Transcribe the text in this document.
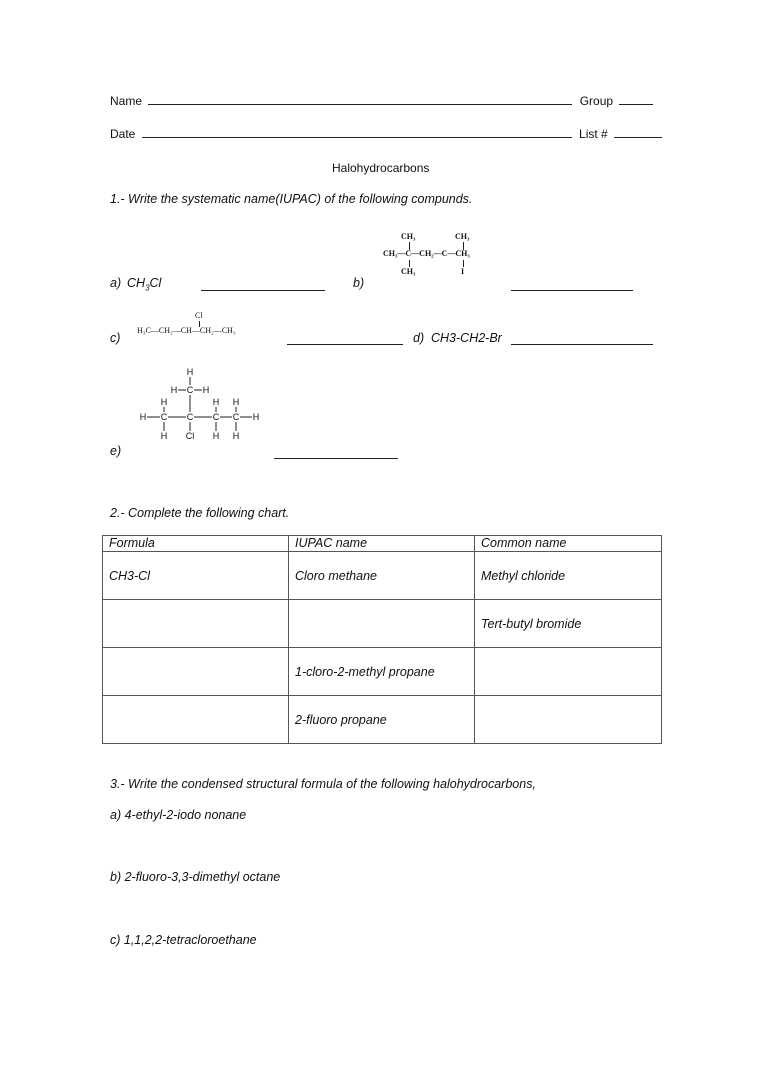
Name	Group
Date	List #
Halohydrocarbons
1.- Write the systematic name(IUPAC) of the following compunds.
a) $CH_3Cl$	b)
CH₃	CH₃
CH₃—C—CH₂—C—CH₃
CH₃	I
c)
Cl
H₃C—CH₂—CH—CH₂—CH₃
d) CH3-CH2-Br
e)
H
H C H
H	H H
H C C C C H
H Cl H H
2.- Complete the following chart.
Formula	IUPAC name	Common name
CH3-Cl	Cloro methane	Methyl chloride
		Tert-butyl bromide
	1-cloro-2-methyl propane	
	2-fluoro propane	
3.- Write the condensed structural formula of the following halohydrocarbons,
a) 4-ethyl-2-iodo nonane
b) 2-fluoro-3,3-dimethyl octane
c) 1,1,2,2-tetracloroethane
